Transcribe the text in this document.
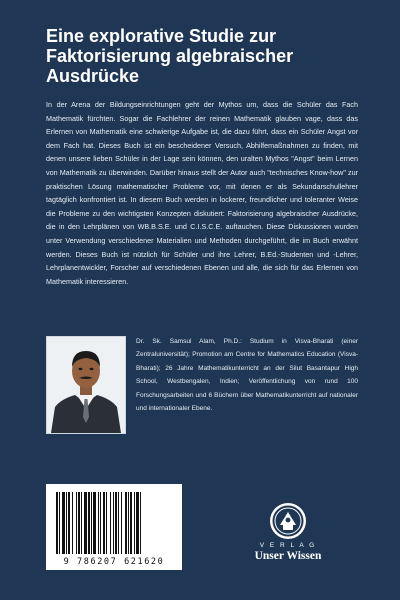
Eine explorative Studie zur Faktorisierung algebraischer Ausdrücke

In der Arena der Bildungseinrichtungen geht der Mythos um, dass die Schüler das Fach Mathematik fürchten. Sogar die Fachlehrer der reinen Mathematik glauben vage, dass das Erlernen von Mathematik eine schwierige Aufgabe ist, die dazu führt, dass ein Schüler Angst vor dem Fach hat. Dieses Buch ist ein bescheidener Versuch, Abhilfemaßnahmen zu finden, mit denen unsere lieben Schüler in der Lage sein können, den uralten Mythos "Angst" beim Lernen von Mathematik zu überwinden. Darüber hinaus stellt der Autor auch "technisches Know-how" zur praktischen Lösung mathematischer Probleme vor, mit denen er als Sekundarschullehrer tagtäglich konfrontiert ist. In diesem Buch werden in lockerer, freundlicher und toleranter Weise die Probleme zu den wichtigsten Konzepten diskutiert: Faktorisierung algebraischer Ausdrücke, die in den Lehrplänen von WB.B.S.E. und C.I.S.C.E. auftauchen. Diese Diskussionen wurden unter Verwendung verschiedener Materialien und Methoden durchgeführt, die im Buch erwähnt werden. Dieses Buch ist nützlich für Schüler und ihre Lehrer, B.Ed.-Studenten und -Lehrer, Lehrplanentwickler, Forscher auf verschiedenen Ebenen und alle, die sich für das Erlernen von Mathematik interessieren.

Dr. Sk. Samsul Alam, Ph.D.: Studium in Visva-Bharati (einer Zentraluniversität); Promotion am Centre for Mathematics Education (Visva-Bharati); 26 Jahre Mathematikunterricht an der Silut Basantapur High School, Westbengalen, Indien; Veröffentlichung von rund 100 Forschungsarbeiten und 6 Büchern über Mathematikunterricht auf nationaler und internationaler Ebene.

9 786207 621620
V E R L A G
Unser Wissen
